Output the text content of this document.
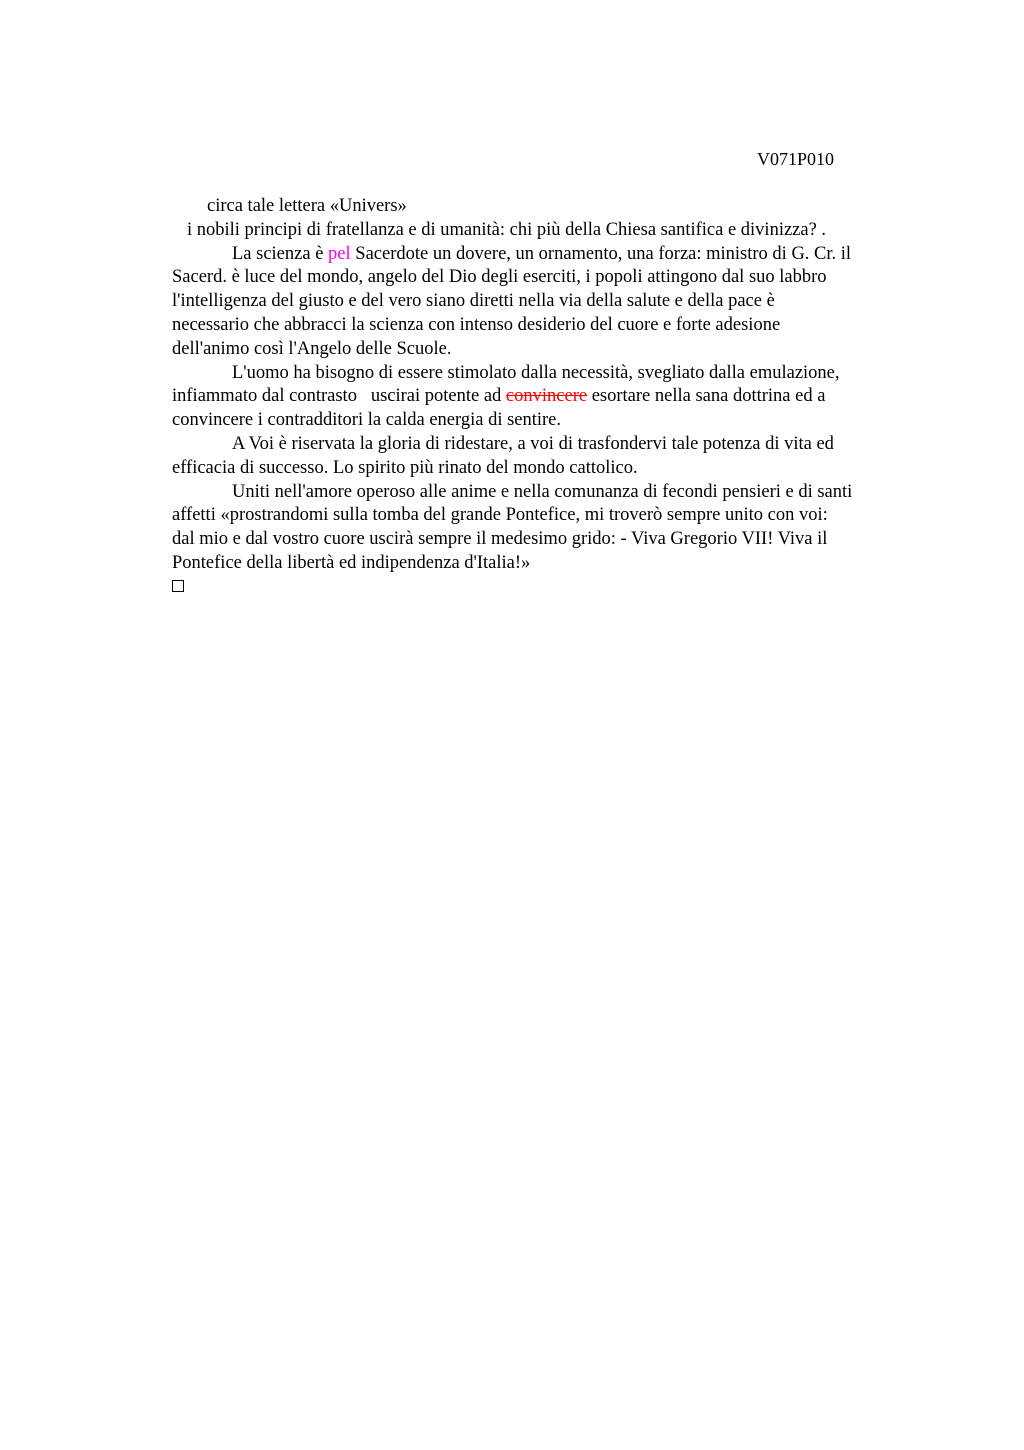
V071P010

circa tale lettera «Univers»

i nobili principi di fratellanza e di umanità: chi più della Chiesa santifica e divinizza? .

La scienza è pel Sacerdote un dovere, un ornamento, una forza: ministro di G. Cr. il

Sacerd. è luce del mondo, angelo del Dio degli eserciti, i popoli attingono dal suo labbro

l'intelligenza del giusto e del vero siano diretti nella via della salute e della pace è

necessario che abbracci la scienza con intenso desiderio del cuore e forte adesione

dell'animo così l'Angelo delle Scuole.

L'uomo ha bisogno di essere stimolato dalla necessità, svegliato dalla emulazione,

infiammato dal contrasto   uscirai potente ad convincere esortare nella sana dottrina ed a

convincere i contradditori la calda energia di sentire.

A Voi è riservata la gloria di ridestare, a voi di trasfondervi tale potenza di vita ed

efficacia di successo. Lo spirito più rinato del mondo cattolico.

Uniti nell'amore operoso alle anime e nella comunanza di fecondi pensieri e di santi

affetti «prostrandomi sulla tomba del grande Pontefice, mi troverò sempre unito con voi:

dal mio e dal vostro cuore uscirà sempre il medesimo grido: - Viva Gregorio VII! Viva il

Pontefice della libertà ed indipendenza d'Italia!»
